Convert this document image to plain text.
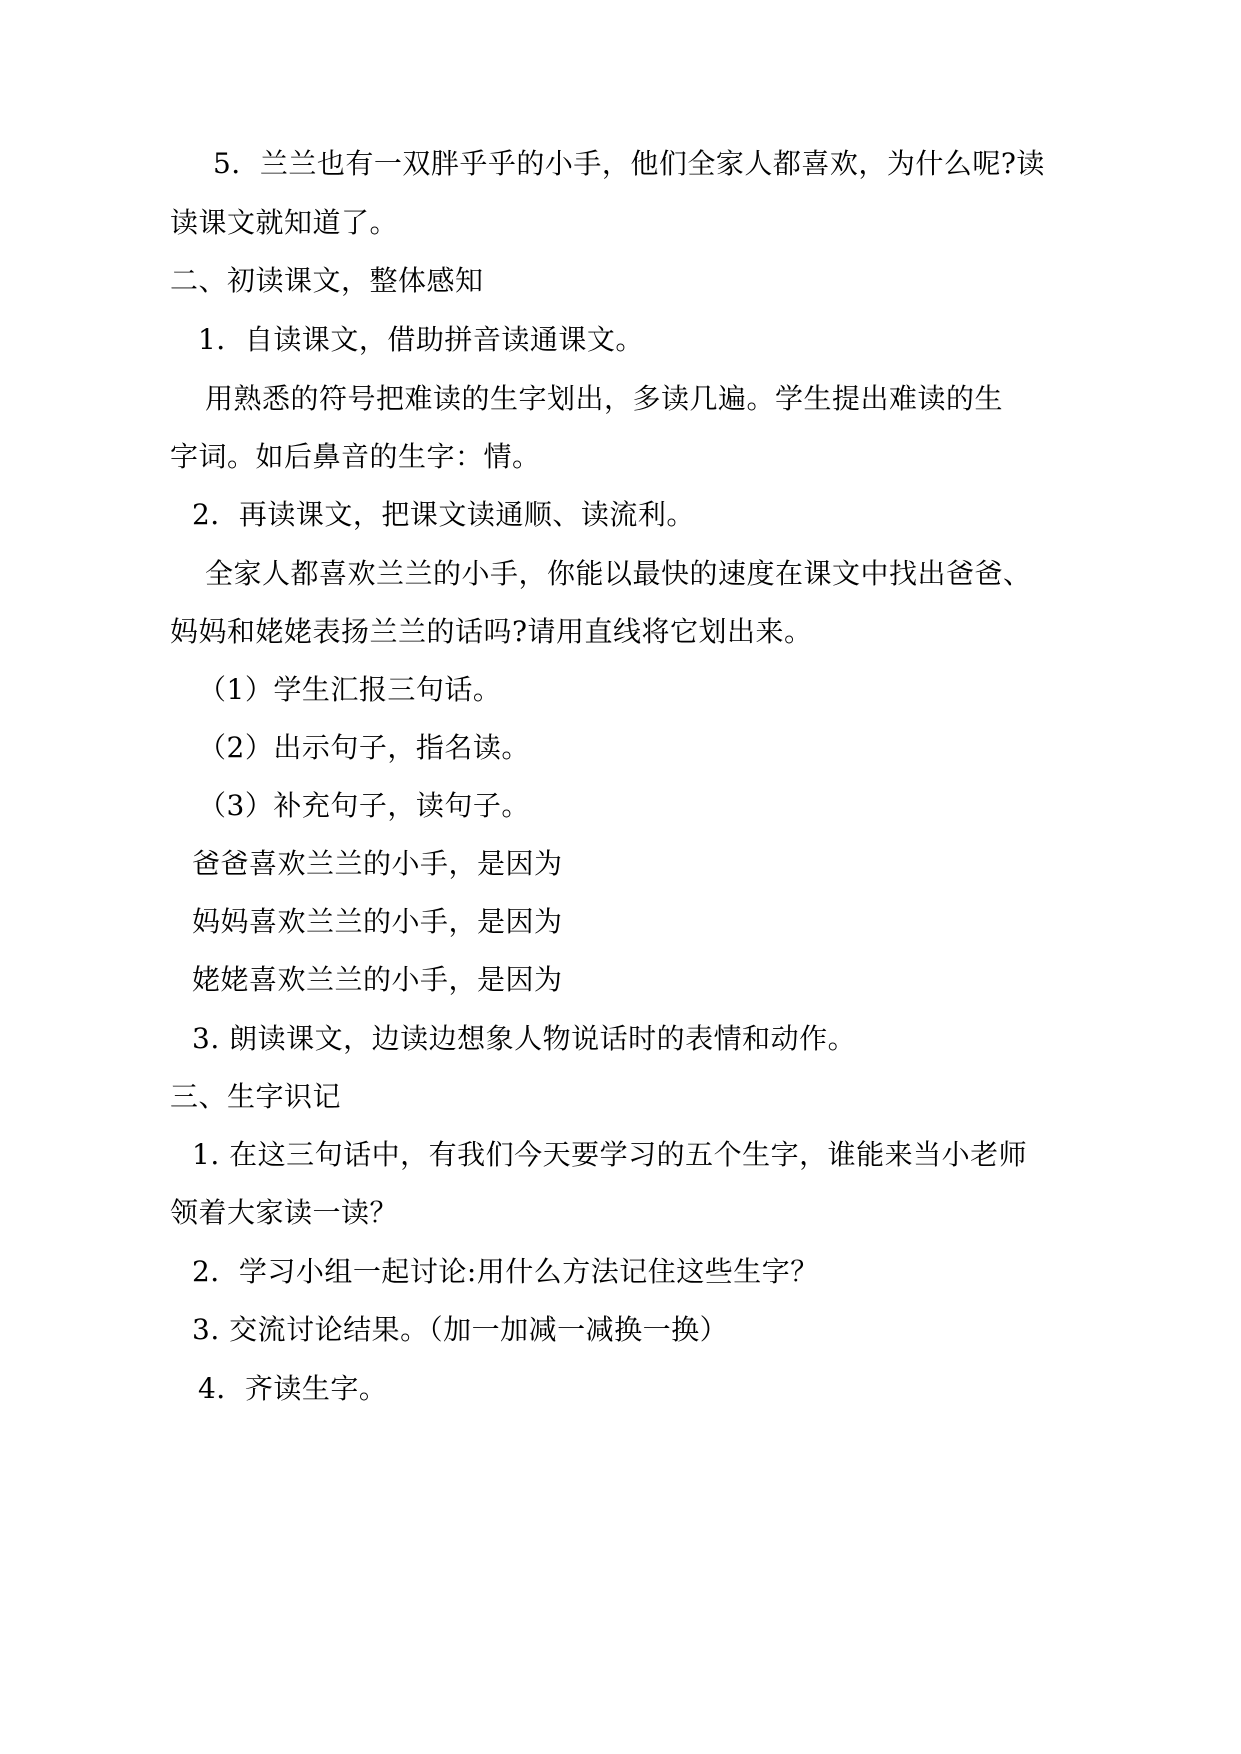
5．兰兰也有一双胖乎乎的小手，他们全家人都喜欢，为什么呢?读
读课文就知道了。
二、初读课文，整体感知
1．自读课文，借助拼音读通课文。
用熟悉的符号把难读的生字划出，多读几遍。学生提出难读的生
字词。如后鼻音的生字：情。
2．再读课文，把课文读通顺、读流利。
全家人都喜欢兰兰的小手，你能以最快的速度在课文中找出爸爸、
妈妈和姥姥表扬兰兰的话吗?请用直线将它划出来。
（1）学生汇报三句话。
（2）出示句子，指名读。
（3）补充句子，读句子。
爸爸喜欢兰兰的小手，是因为
妈妈喜欢兰兰的小手，是因为
姥姥喜欢兰兰的小手，是因为
3. 朗读课文，边读边想象人物说话时的表情和动作。
三、生字识记
1. 在这三句话中，有我们今天要学习的五个生字，谁能来当小老师
领着大家读一读？
2．学习小组一起讨论:用什么方法记住这些生字？
3. 交流讨论结果。（加一加减一减换一换）
4．齐读生字。
